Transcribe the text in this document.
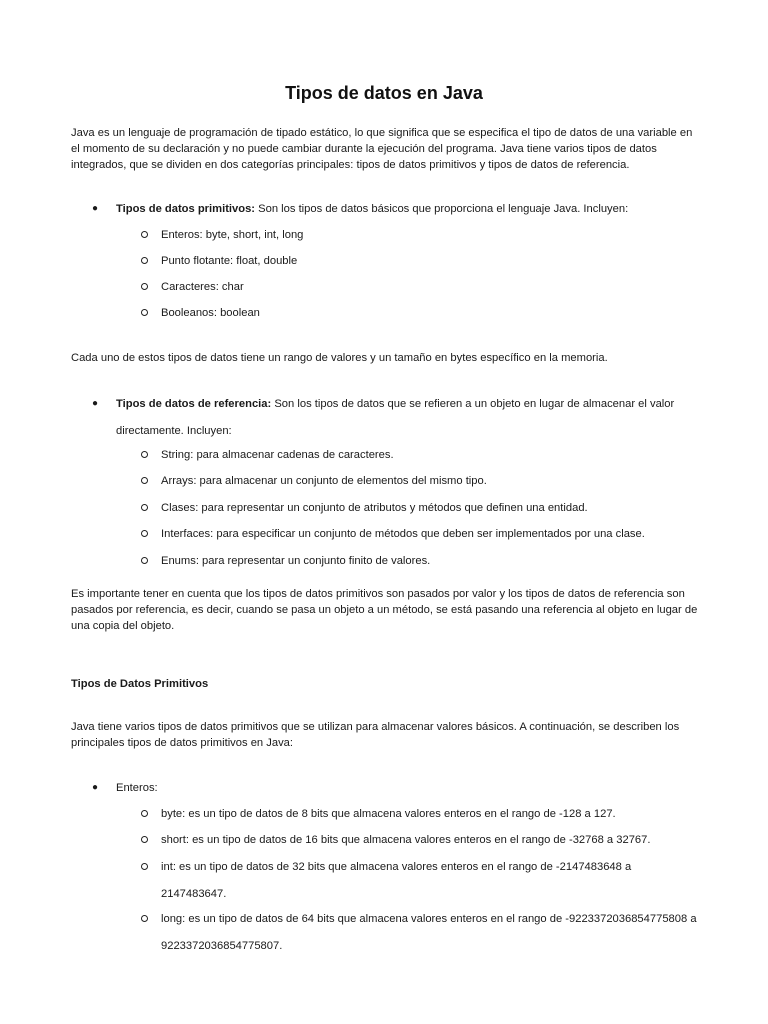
Tipos de datos en Java

Java es un lenguaje de programación de tipado estático, lo que significa que se especifica el tipo de datos de una variable en el momento de su declaración y no puede cambiar durante la ejecución del programa. Java tiene varios tipos de datos integrados, que se dividen en dos categorías principales: tipos de datos primitivos y tipos de datos de referencia.

● Tipos de datos primitivos: Son los tipos de datos básicos que proporciona el lenguaje Java. Incluyen:
Enteros: byte, short, int, long
Punto flotante: float, double
Caracteres: char
Booleanos: boolean

Cada uno de estos tipos de datos tiene un rango de valores y un tamaño en bytes específico en la memoria.

● Tipos de datos de referencia: Son los tipos de datos que se refieren a un objeto en lugar de almacenar el valor directamente. Incluyen:
String: para almacenar cadenas de caracteres.
Arrays: para almacenar un conjunto de elementos del mismo tipo.
Clases: para representar un conjunto de atributos y métodos que definen una entidad.
Interfaces: para especificar un conjunto de métodos que deben ser implementados por una clase.
Enums: para representar un conjunto finito de valores.

Es importante tener en cuenta que los tipos de datos primitivos son pasados por valor y los tipos de datos de referencia son pasados por referencia, es decir, cuando se pasa un objeto a un método, se está pasando una referencia al objeto en lugar de una copia del objeto.

Tipos de Datos Primitivos

Java tiene varios tipos de datos primitivos que se utilizan para almacenar valores básicos. A continuación, se describen los principales tipos de datos primitivos en Java:

● Enteros:
byte: es un tipo de datos de 8 bits que almacena valores enteros en el rango de -128 a 127.
short: es un tipo de datos de 16 bits que almacena valores enteros en el rango de -32768 a 32767.
int: es un tipo de datos de 32 bits que almacena valores enteros en el rango de -2147483648 a 2147483647.
long: es un tipo de datos de 64 bits que almacena valores enteros en el rango de -9223372036854775808 a 9223372036854775807.
